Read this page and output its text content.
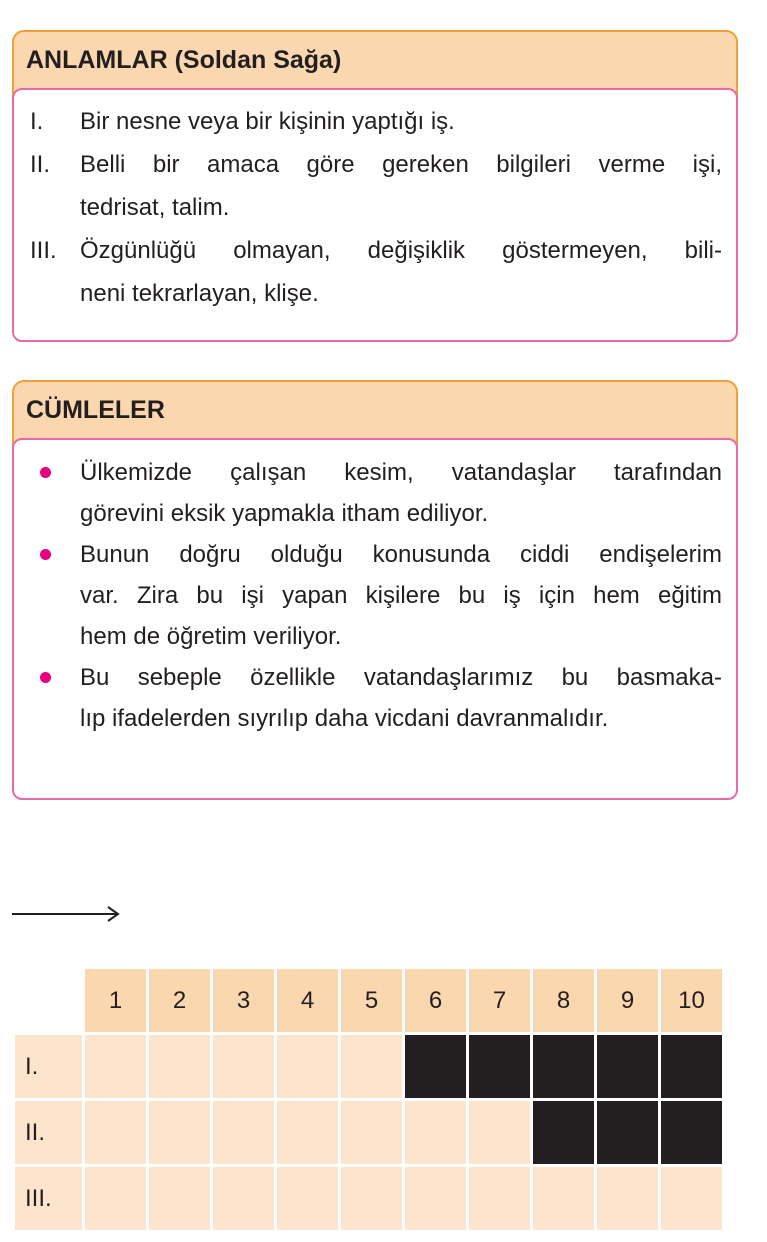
ANLAMLAR (Soldan Sağa)
I.	Bir nesne veya bir kişinin yaptığı iş.
II.	Belli bir amaca göre gereken bilgileri verme işi,
tedrisat, talim.
III. Özgünlüğü olmayan, değişiklik göstermeyen, bili-
neni tekrarlayan, klişe.
CÜMLELER
Ülkemizde çalışan kesim, vatandaşlar tarafından
görevini eksik yapmakla itham ediliyor.
Bunun doğru olduğu konusunda ciddi endişelerim
var. Zira bu işi yapan kişilere bu iş için hem eğitim
hem de öğretim veriliyor.
Bu sebeple özellikle vatandaşlarımız bu basmaka-
lıp ifadelerden sıyrılıp daha vicdani davranmalıdır.
	1	2	3	4	5	6	7	8	9	10
I.										
II.										
III.										
